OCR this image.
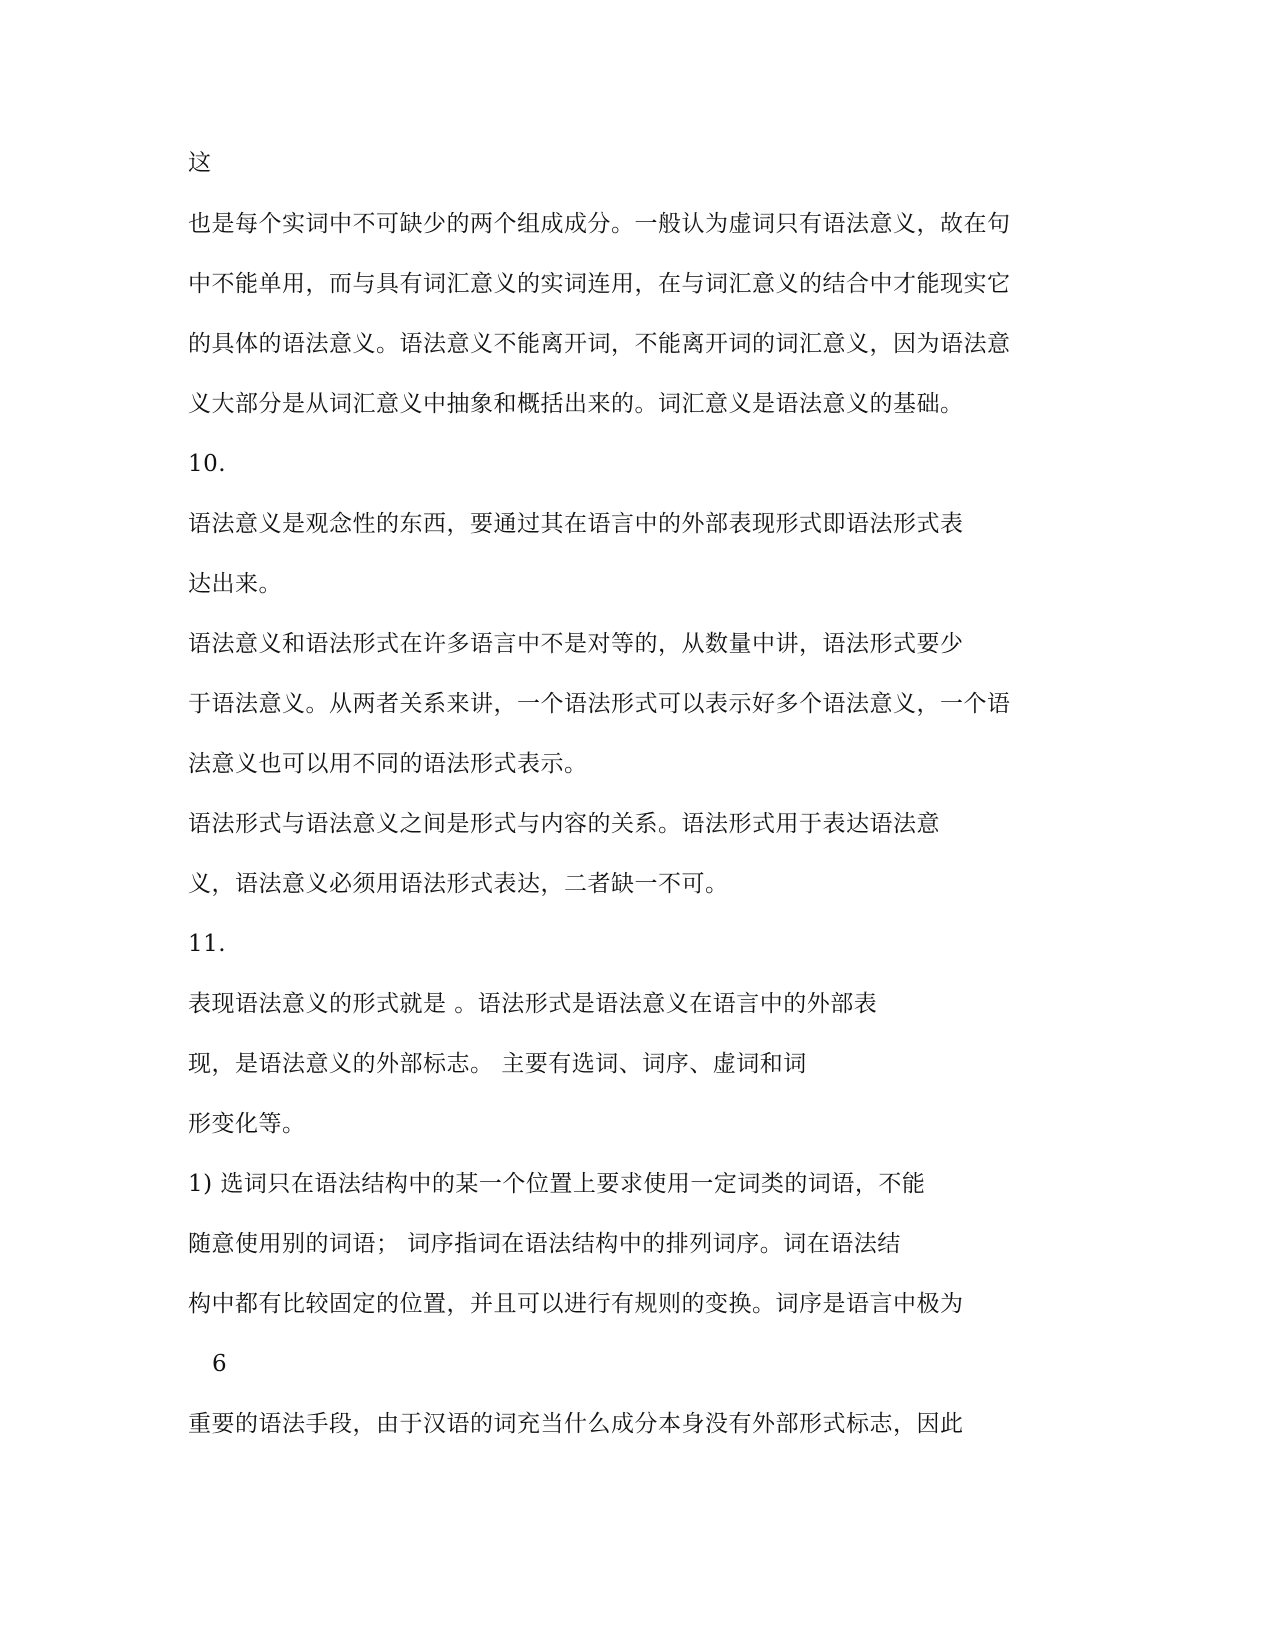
这
也是每个实词中不可缺少的两个组成成分。一般认为虚词只有语法意义，故在句
中不能单用，而与具有词汇意义的实词连用，在与词汇意义的结合中才能现实它
的具体的语法意义。语法意义不能离开词，不能离开词的词汇意义，因为语法意
义大部分是从词汇意义中抽象和概括出来的。词汇意义是语法意义的基础。
10.
语法意义是观念性的东西，要通过其在语言中的外部表现形式即语法形式表
达出来。
语法意义和语法形式在许多语言中不是对等的，从数量中讲，语法形式要少
于语法意义。从两者关系来讲，一个语法形式可以表示好多个语法意义，一个语
法意义也可以用不同的语法形式表示。
语法形式与语法意义之间是形式与内容的关系。语法形式用于表达语法意
义，语法意义必须用语法形式表达，二者缺一不可。
11.
表现语法意义的形式就是 。语法形式是语法意义在语言中的外部表
现，是语法意义的外部标志。 主要有选词、词序、虚词和词
形变化等。
1) 选词只在语法结构中的某一个位置上要求使用一定词类的词语，不能
随意使用别的词语； 词序指词在语法结构中的排列词序。词在语法结
构中都有比较固定的位置，并且可以进行有规则的变换。词序是语言中极为
6
重要的语法手段，由于汉语的词充当什么成分本身没有外部形式标志，因此
